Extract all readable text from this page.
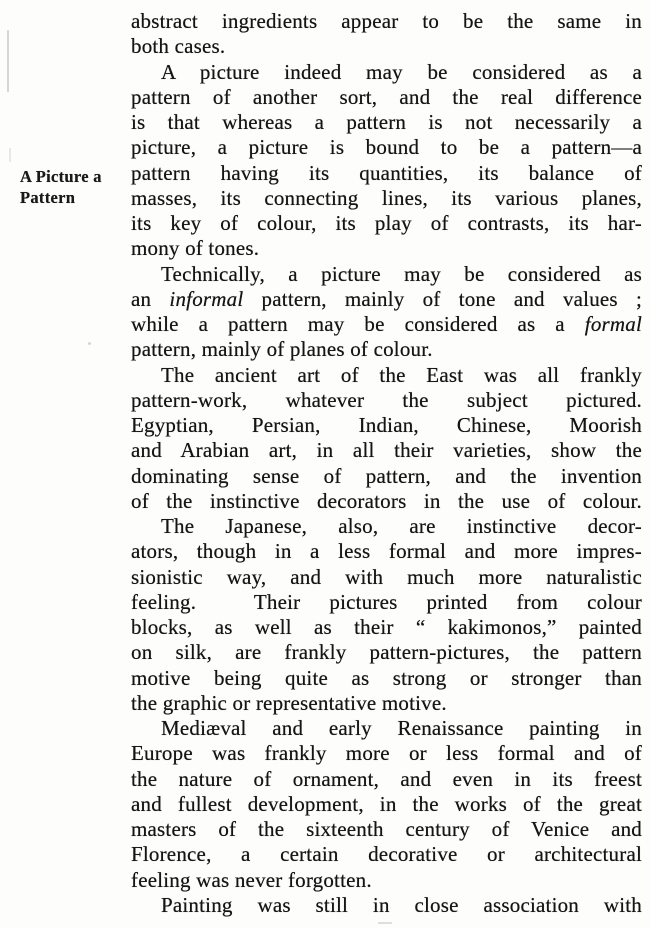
A Picture a
Pattern
abstract ingredients appear to be the same in
both cases.
A picture indeed may be considered as a
pattern of another sort, and the real difference
is that whereas a pattern is not necessarily a
picture, a picture is bound to be a pattern—a
pattern having its quantities, its balance of
masses, its connecting lines, its various planes,
its key of colour, its play of contrasts, its har-
mony of tones.
Technically, a picture may be considered as
an informal pattern, mainly of tone and values ;
while a pattern may be considered as a formal
pattern, mainly of planes of colour.
The ancient art of the East was all frankly
pattern-work, whatever the subject pictured.
Egyptian, Persian, Indian, Chinese, Moorish
and Arabian art, in all their varieties, show the
dominating sense of pattern, and the invention
of the instinctive decorators in the use of colour.
The Japanese, also, are instinctive decor-
ators, though in a less formal and more impres-
sionistic way, and with much more naturalistic
feeling.  Their pictures printed from colour
blocks, as well as their “ kakimonos,” painted
on silk, are frankly pattern-pictures, the pattern
motive being quite as strong or stronger than
the graphic or representative motive.
Mediæval and early Renaissance painting in
Europe was frankly more or less formal and of
the nature of ornament, and even in its freest
and fullest development, in the works of the great
masters of the sixteenth century of Venice and
Florence, a certain decorative or architectural
feeling was never forgotten.
Painting was still in close association with
